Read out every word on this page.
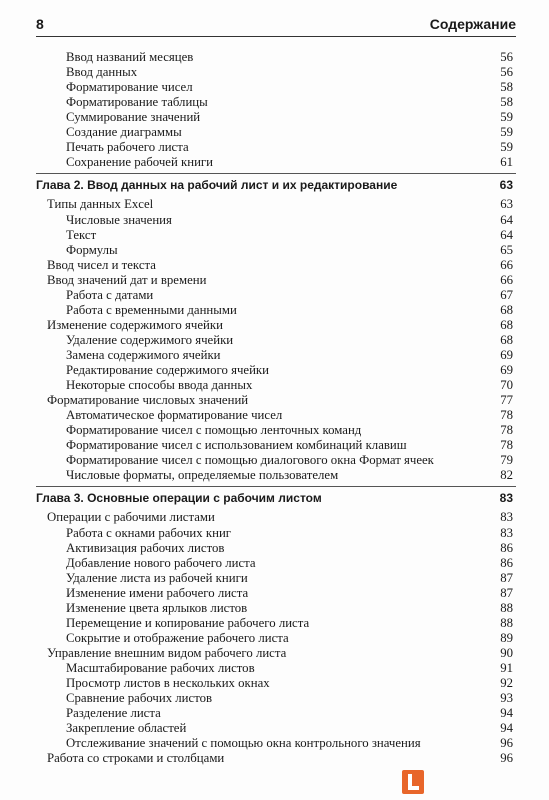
8	Содержание
Ввод названий месяцев	56
Ввод данных	56
Форматирование чисел	58
Форматирование таблицы	58
Суммирование значений	59
Создание диаграммы	59
Печать рабочего листа	59
Сохранение рабочей книги	61
Глава 2. Ввод данных на рабочий лист и их редактирование	63
Типы данных Excel	63
Числовые значения	64
Текст	64
Формулы	65
Ввод чисел и текста	66
Ввод значений дат и времени	66
Работа с датами	67
Работа с временными данными	68
Изменение содержимого ячейки	68
Удаление содержимого ячейки	68
Замена содержимого ячейки	69
Редактирование содержимого ячейки	69
Некоторые способы ввода данных	70
Форматирование числовых значений	77
Автоматическое форматирование чисел	78
Форматирование чисел с помощью ленточных команд	78
Форматирование чисел с использованием комбинаций клавиш	78
Форматирование чисел с помощью диалогового окна Формат ячеек	79
Числовые форматы, определяемые пользователем	82
Глава 3. Основные операции с рабочим листом	83
Операции с рабочими листами	83
Работа с окнами рабочих книг	83
Активизация рабочих листов	86
Добавление нового рабочего листа	86
Удаление листа из рабочей книги	87
Изменение имени рабочего листа	87
Изменение цвета ярлыков листов	88
Перемещение и копирование рабочего листа	88
Сокрытие и отображение рабочего листа	89
Управление внешним видом рабочего листа	90
Масштабирование рабочих листов	91
Просмотр листов в нескольких окнах	92
Сравнение рабочих листов	93
Разделение листа	94
Закрепление областей	94
Отслеживание значений с помощью окна контрольного значения	96
Работа со строками и столбцами	96
